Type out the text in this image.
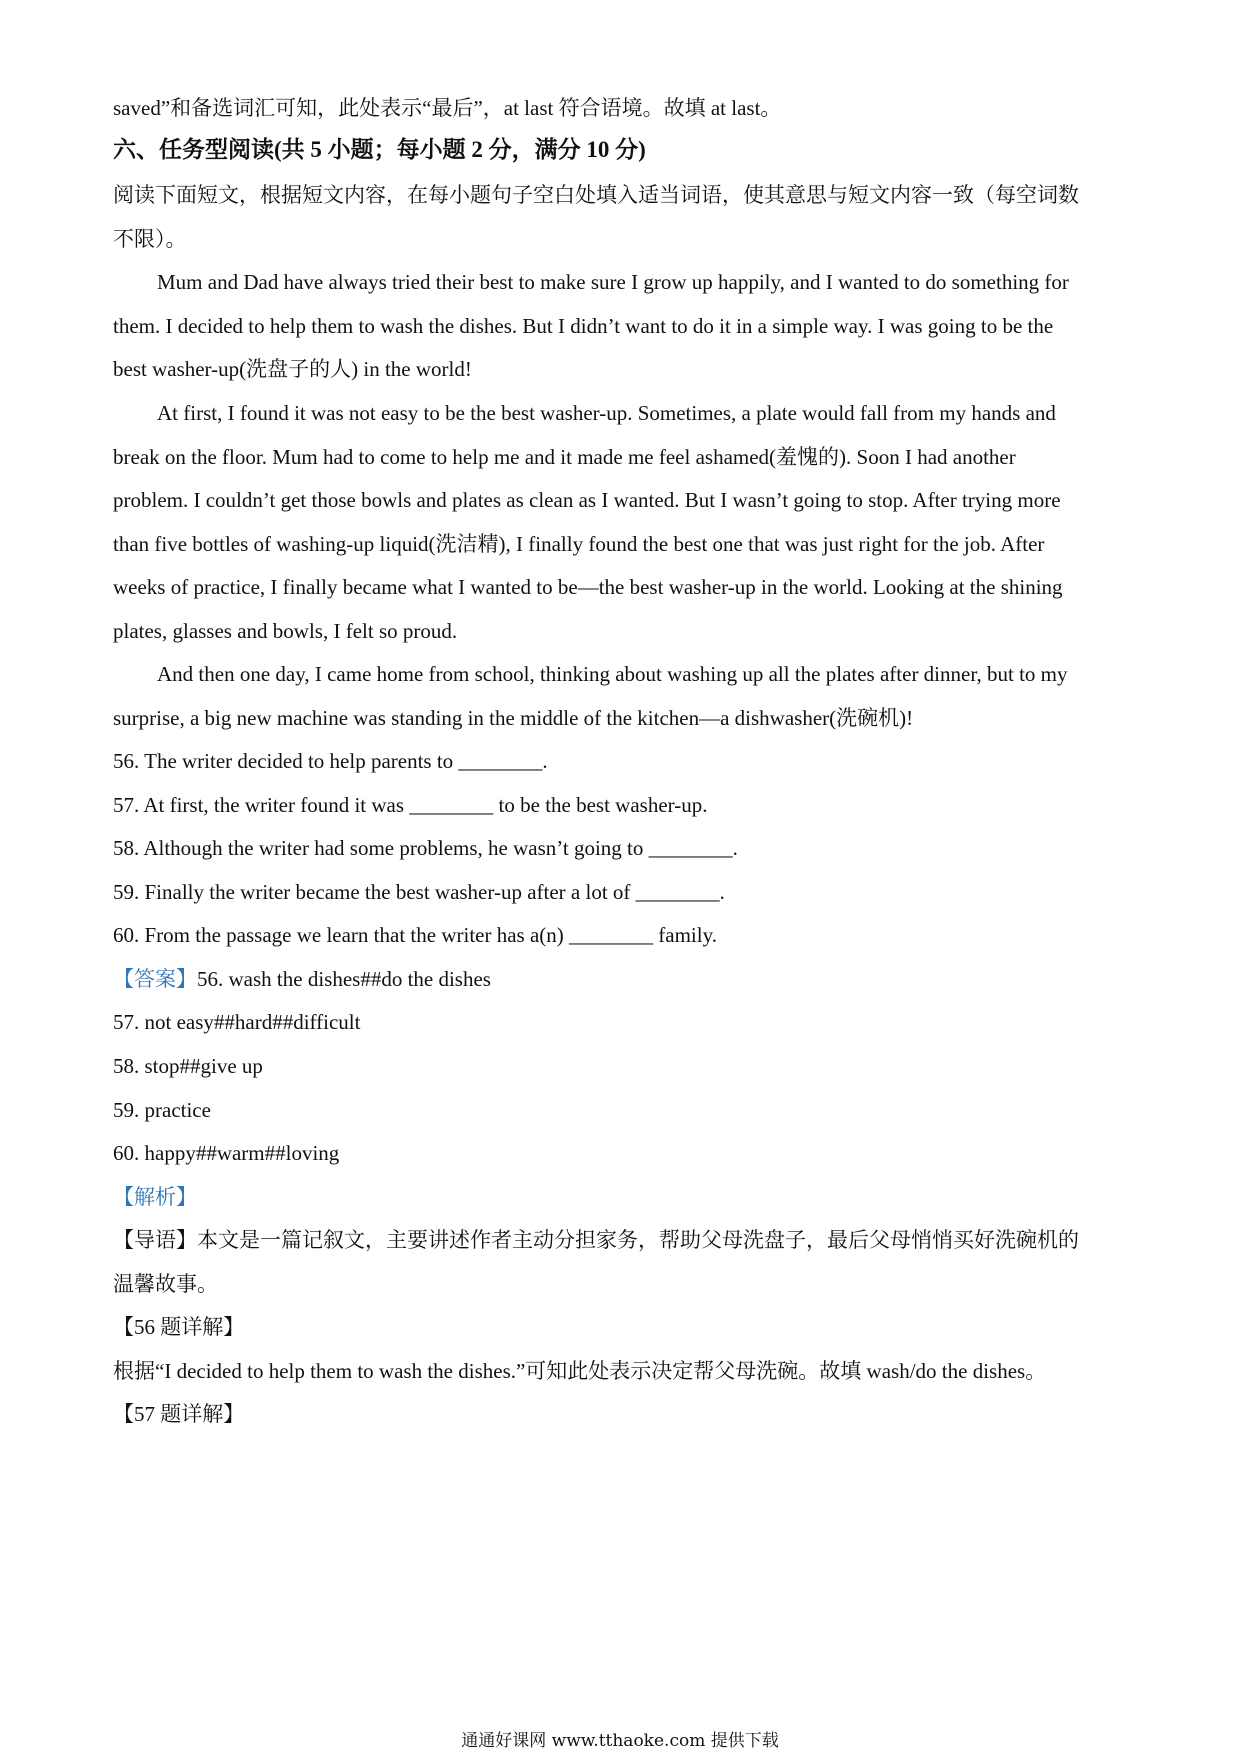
saved”和备选词汇可知，此处表示“最后”，at last 符合语境。故填 at last。
六、任务型阅读(共 5 小题；每小题 2 分，满分 10 分)
阅读下面短文，根据短文内容，在每小题句子空白处填入适当词语，使其意思与短文内容一致（每空词数
不限）。
Mum and Dad have always tried their best to make sure I grow up happily, and I wanted to do something for
them. I decided to help them to wash the dishes. But I didn’t want to do it in a simple way. I was going to be the
best washer-up(洗盘子的人) in the world!
At first, I found it was not easy to be the best washer-up. Sometimes, a plate would fall from my hands and
break on the floor. Mum had to come to help me and it made me feel ashamed(羞愧的). Soon I had another
problem. I couldn’t get those bowls and plates as clean as I wanted. But I wasn’t going to stop. After trying more
than five bottles of washing-up liquid(洗洁精), I finally found the best one that was just right for the job. After
weeks of practice, I finally became what I wanted to be—the best washer-up in the world. Looking at the shining
plates, glasses and bowls, I felt so proud.
And then one day, I came home from school, thinking about washing up all the plates after dinner, but to my
surprise, a big new machine was standing in the middle of the kitchen—a dishwasher(洗碗机)!
56. The writer decided to help parents to ________.
57. At first, the writer found it was ________ to be the best washer-up.
58. Although the writer had some problems, he wasn’t going to ________.
59. Finally the writer became the best washer-up after a lot of ________.
60. From the passage we learn that the writer has a(n) ________ family.
【答案】56. wash the dishes##do the dishes
57. not easy##hard##difficult
58. stop##give up
59. practice
60. happy##warm##loving
【解析】
【导语】本文是一篇记叙文，主要讲述作者主动分担家务，帮助父母洗盘子，最后父母悄悄买好洗碗机的
温馨故事。
【56 题详解】
根据“I decided to help them to wash the dishes.”可知此处表示决定帮父母洗碗。故填 wash/do the dishes。
【57 题详解】
通通好课网 www.tthaoke.com 提供下载
